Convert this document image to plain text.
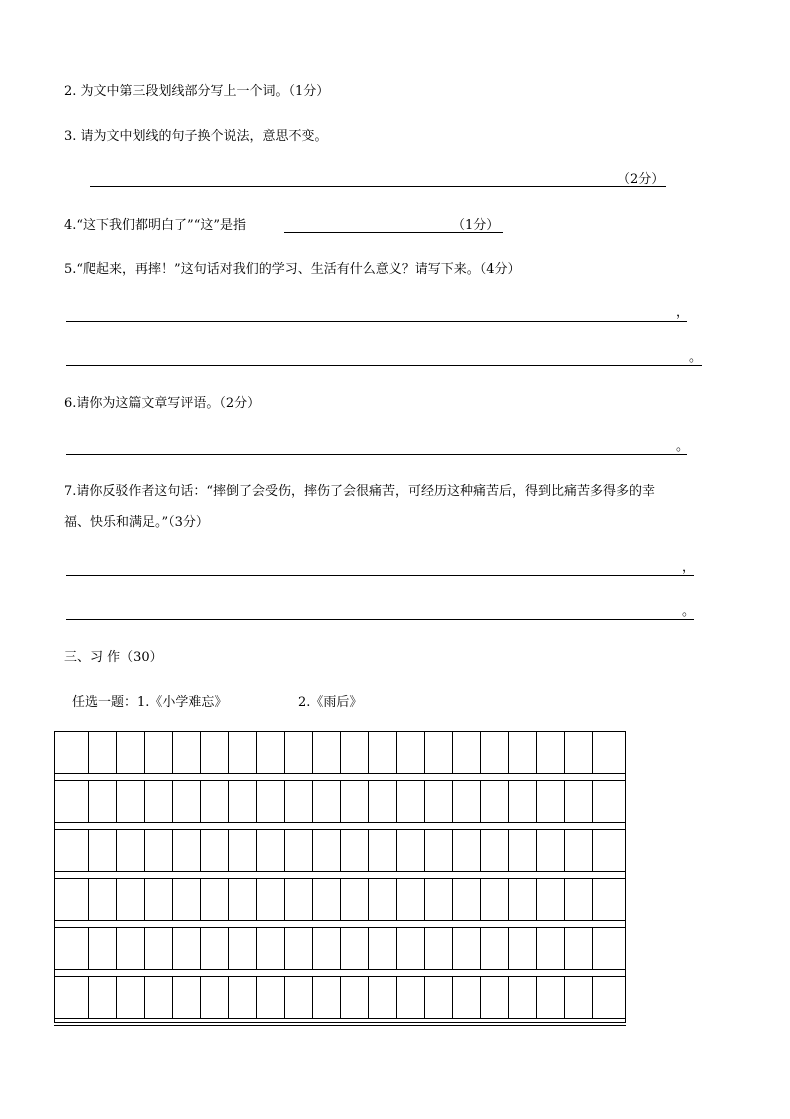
2. 为文中第三段划线部分写上一个词。（1分）
3. 请为文中划线的句子换个说法，意思不变。
（2分）
4.“这下我们都明白了”“这”是指	（1分）
5.“爬起来，再摔！”这句话对我们的学习、生活有什么意义？请写下来。（4分）
，
。
6.请你为这篇文章写评语。（2分）
。
7.请你反驳作者这句话：“摔倒了会受伤，摔伤了会很痛苦，可经历这种痛苦后，得到比痛苦多得多的幸
福、快乐和满足。”（3分）
，
。
三、习 作（30）
任选一题：1.《小学难忘》	2.《雨后》
